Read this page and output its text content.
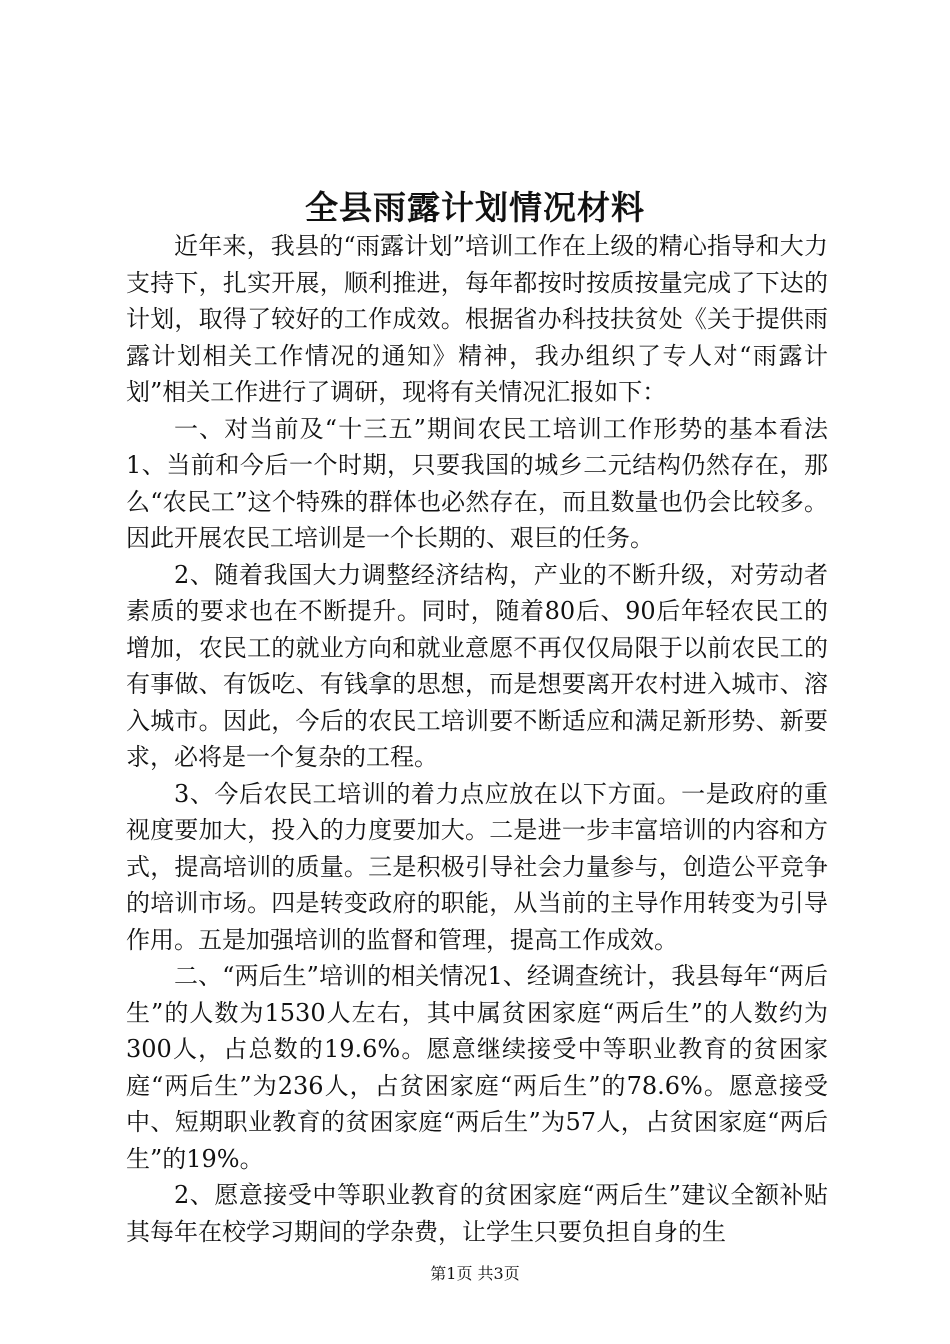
全县雨露计划情况材料

近年来，我县的“雨露计划”培训工作在上级的精心指导和大力支持下，扎实开展，顺利推进，每年都按时按质按量完成了下达的计划，取得了较好的工作成效。根据省办科技扶贫处《关于提供雨露计划相关工作情况的通知》精神，我办组织了专人对“雨露计划”相关工作进行了调研，现将有关情况汇报如下：

一、对当前及“十三五”期间农民工培训工作形势的基本看法1、当前和今后一个时期，只要我国的城乡二元结构仍然存在，那么“农民工”这个特殊的群体也必然存在，而且数量也仍会比较多。因此开展农民工培训是一个长期的、艰巨的任务。

2、随着我国大力调整经济结构，产业的不断升级，对劳动者素质的要求也在不断提升。同时，随着80后、90后年轻农民工的增加，农民工的就业方向和就业意愿不再仅仅局限于以前农民工的有事做、有饭吃、有钱拿的思想，而是想要离开农村进入城市、溶入城市。因此，今后的农民工培训要不断适应和满足新形势、新要求，必将是一个复杂的工程。

3、今后农民工培训的着力点应放在以下方面。一是政府的重视度要加大，投入的力度要加大。二是进一步丰富培训的内容和方式，提高培训的质量。三是积极引导社会力量参与，创造公平竞争的培训市场。四是转变政府的职能，从当前的主导作用转变为引导作用。五是加强培训的监督和管理，提高工作成效。

二、“两后生”培训的相关情况1、经调查统计，我县每年“两后生”的人数为1530人左右，其中属贫困家庭“两后生”的人数约为300人，占总数的19.6%。愿意继续接受中等职业教育的贫困家庭“两后生”为236人，占贫困家庭“两后生”的78.6%。愿意接受中、短期职业教育的贫困家庭“两后生”为57人，占贫困家庭“两后生”的19%。

2、愿意接受中等职业教育的贫困家庭“两后生”建议全额补贴其每年在校学习期间的学杂费，让学生只要负担自身的生

第1页 共3页
